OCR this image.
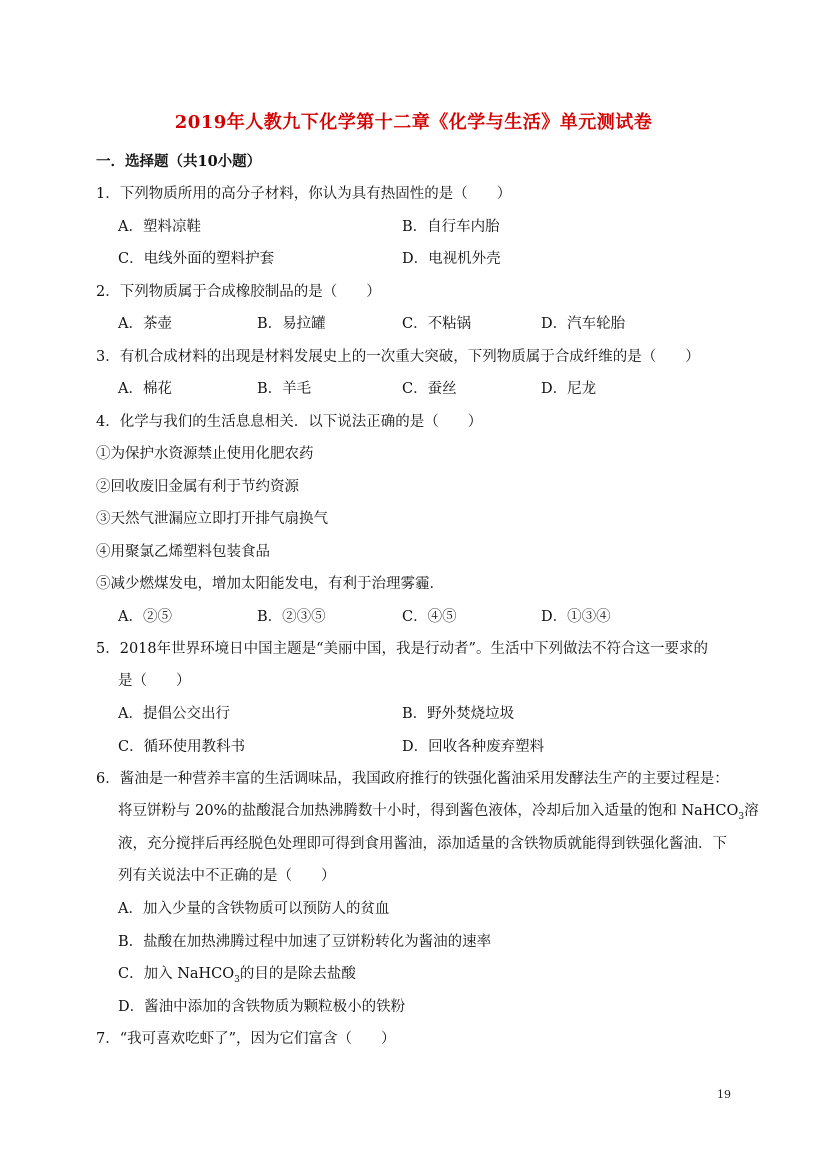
2019年人教九下化学第十二章《化学与生活》单元测试卷
一．选择题（共10小题）
1．下列物质所用的高分子材料，你认为具有热固性的是（　　）
A．塑料凉鞋	B．自行车内胎
C．电线外面的塑料护套	D．电视机外壳
2．下列物质属于合成橡胶制品的是（　　）
A．茶壶	B．易拉罐	C．不粘锅	D．汽车轮胎
3．有机合成材料的出现是材料发展史上的一次重大突破，下列物质属于合成纤维的是（　　）
A．棉花	B．羊毛	C．蚕丝	D．尼龙
4．化学与我们的生活息息相关．以下说法正确的是（　　）
①为保护水资源禁止使用化肥农药
②回收废旧金属有利于节约资源
③天然气泄漏应立即打开排气扇换气
④用聚氯乙烯塑料包装食品
⑤减少燃煤发电，增加太阳能发电，有利于治理雾霾．
A．②⑤	B．②③⑤	C．④⑤	D．①③④
5．2018年世界环境日中国主题是“美丽中国，我是行动者”。生活中下列做法不符合这一要求的
是（　　）
A．提倡公交出行	B．野外焚烧垃圾
C．循环使用教科书	D．回收各种废弃塑料
6．酱油是一种营养丰富的生活调味品，我国政府推行的铁强化酱油采用发酵法生产的主要过程是：
将豆饼粉与 20%的盐酸混合加热沸腾数十小时，得到酱色液体，冷却后加入适量的饱和 NaHCO$_3$溶
液，充分搅拌后再经脱色处理即可得到食用酱油，添加适量的含铁物质就能得到铁强化酱油．下
列有关说法中不正确的是（　　）
A．加入少量的含铁物质可以预防人的贫血
B．盐酸在加热沸腾过程中加速了豆饼粉转化为酱油的速率
C．加入 NaHCO$_3$的目的是除去盐酸
D．酱油中添加的含铁物质为颗粒极小的铁粉
7．“我可喜欢吃虾了”，因为它们富含（　　）
19
